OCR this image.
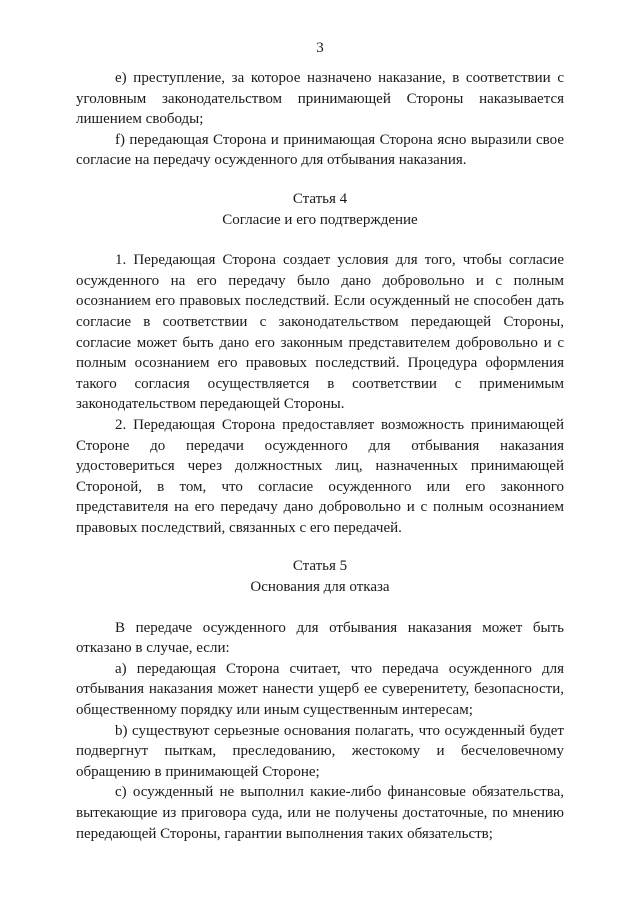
3

е) преступление, за которое назначено наказание, в соответствии с уголовным законодательством принимающей Стороны наказывается лишением свободы;

f) передающая Сторона и принимающая Сторона ясно выразили свое согласие на передачу осужденного для отбывания наказания.

Статья 4

Согласие и его подтверждение

1. Передающая Сторона создает условия для того, чтобы согласие осужденного на его передачу было дано добровольно и с полным осознанием его правовых последствий. Если осужденный не способен дать согласие в соответствии с законодательством передающей Стороны, согласие может быть дано его законным представителем добровольно и с полным осознанием его правовых последствий. Процедура оформления такого согласия осуществляется в соответствии с применимым законодательством передающей Стороны.

2. Передающая Сторона предоставляет возможность принимающей Стороне до передачи осужденного для отбывания наказания удостовериться через должностных лиц, назначенных принимающей Стороной, в том, что согласие осужденного или его законного представителя на его передачу дано добровольно и с полным осознанием правовых последствий, связанных с его передачей.

Статья 5

Основания для отказа

В передаче осужденного для отбывания наказания может быть отказано в случае, если:

а) передающая Сторона считает, что передача осужденного для отбывания наказания может нанести ущерб ее суверенитету, безопасности, общественному порядку или иным существенным интересам;

b) существуют серьезные основания полагать, что осужденный будет подвергнут пыткам, преследованию, жестокому и бесчеловечному обращению в принимающей Стороне;

с) осужденный не выполнил какие-либо финансовые обязательства, вытекающие из приговора суда, или не получены достаточные, по мнению передающей Стороны, гарантии выполнения таких обязательств;
